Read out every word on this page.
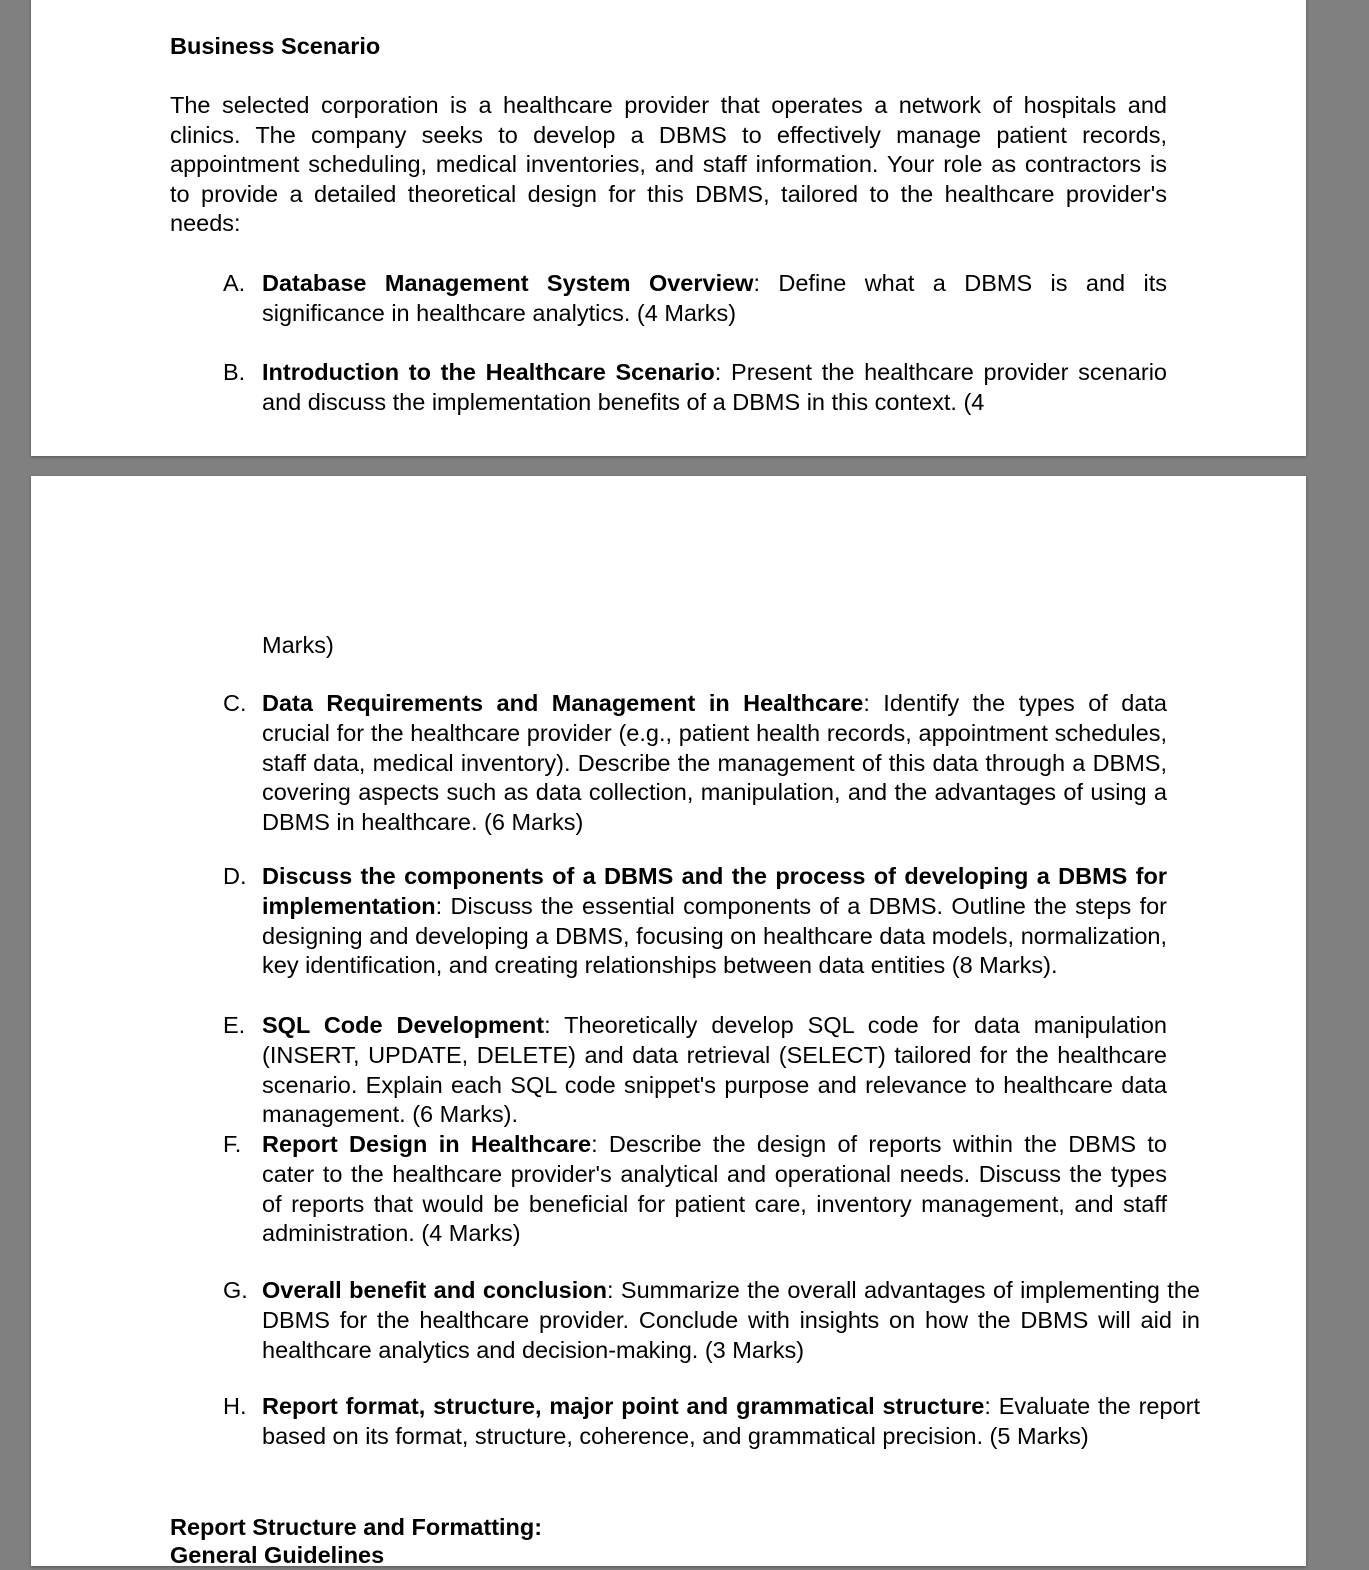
Business Scenario
The selected corporation is a healthcare provider that operates a network of hospitals and clinics. The company seeks to develop a DBMS to effectively manage patient records, appointment scheduling, medical inventories, and staff information. Your role as contractors is to provide a detailed theoretical design for this DBMS, tailored to the healthcare provider's needs:
A. Database Management System Overview: Define what a DBMS is and its significance in healthcare analytics. (4 Marks)
B. Introduction to the Healthcare Scenario: Present the healthcare provider scenario and discuss the implementation benefits of a DBMS in this context. (4
Marks)
C. Data Requirements and Management in Healthcare: Identify the types of data crucial for the healthcare provider (e.g., patient health records, appointment schedules, staff data, medical inventory). Describe the management of this data through a DBMS, covering aspects such as data collection, manipulation, and the advantages of using a DBMS in healthcare. (6 Marks)
D. Discuss the components of a DBMS and the process of developing a DBMS for implementation: Discuss the essential components of a DBMS. Outline the steps for designing and developing a DBMS, focusing on healthcare data models, normalization, key identification, and creating relationships between data entities (8 Marks).
E. SQL Code Development: Theoretically develop SQL code for data manipulation (INSERT, UPDATE, DELETE) and data retrieval (SELECT) tailored for the healthcare scenario. Explain each SQL code snippet's purpose and relevance to healthcare data management. (6 Marks).
F. Report Design in Healthcare: Describe the design of reports within the DBMS to cater to the healthcare provider's analytical and operational needs. Discuss the types of reports that would be beneficial for patient care, inventory management, and staff administration. (4 Marks)
G. Overall benefit and conclusion: Summarize the overall advantages of implementing the DBMS for the healthcare provider. Conclude with insights on how the DBMS will aid in healthcare analytics and decision-making. (3 Marks)
H. Report format, structure, major point and grammatical structure: Evaluate the report based on its format, structure, coherence, and grammatical precision. (5 Marks)
Report Structure and Formatting:
General Guidelines
